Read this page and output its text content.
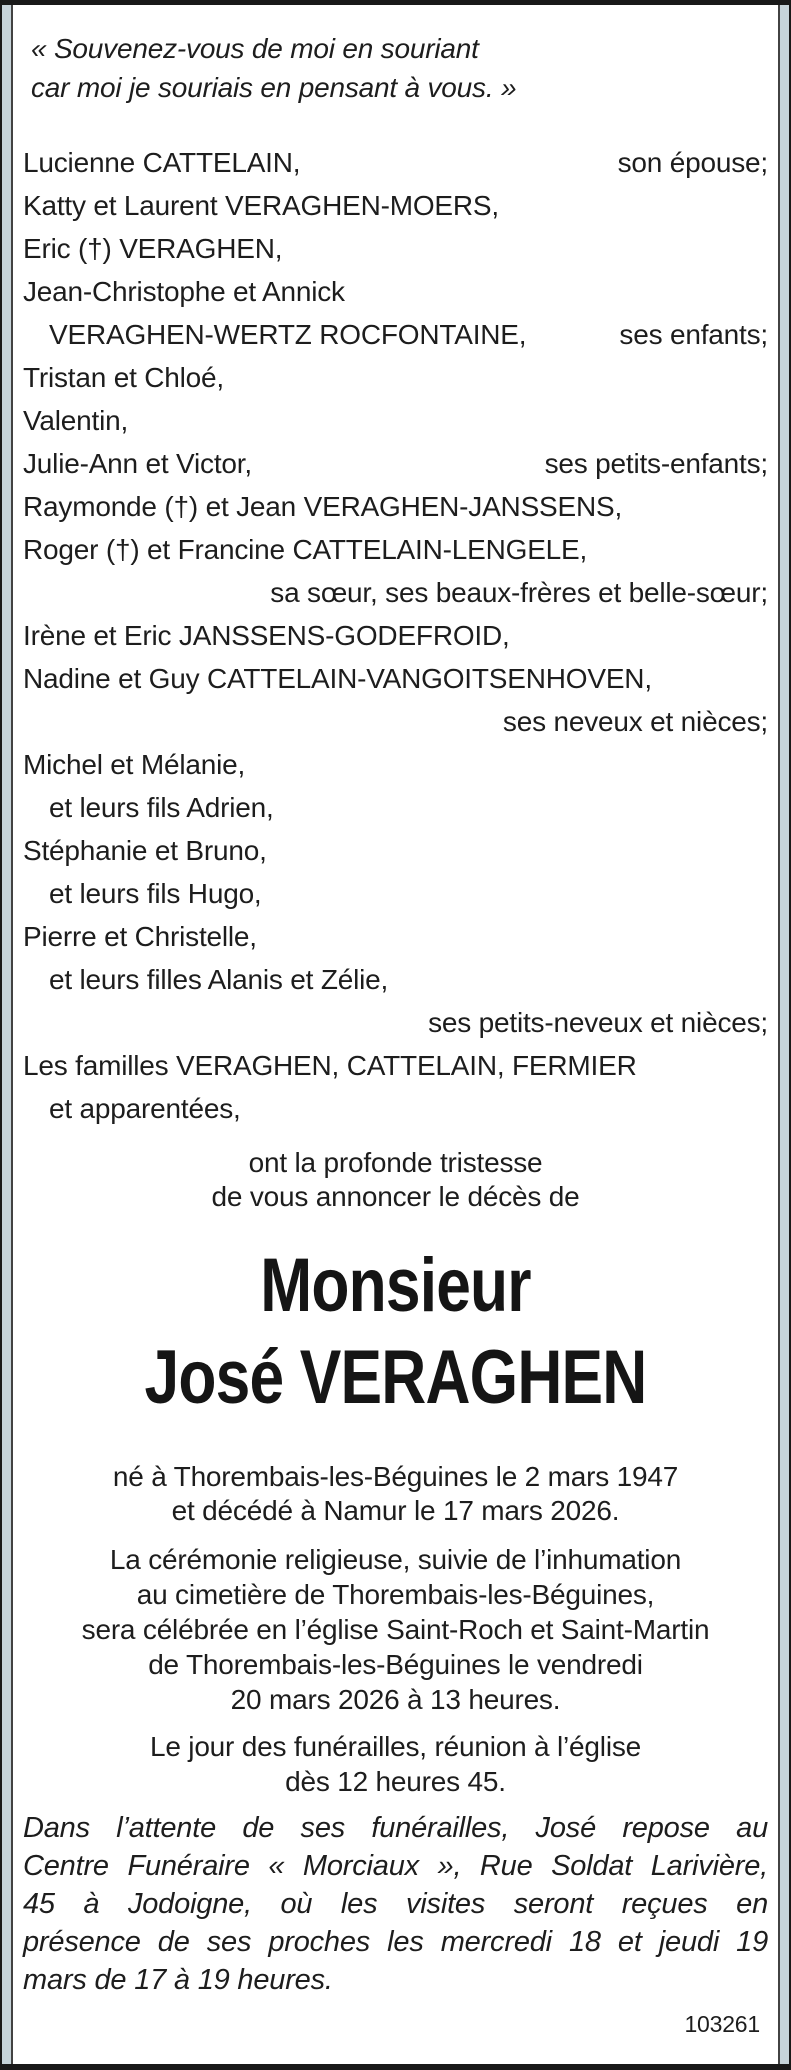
« Souvenez-vous de moi en souriant
car moi je souriais en pensant à vous. »
Lucienne CATTELAIN,	son épouse;
Katty et Laurent VERAGHEN-MOERS,
Eric (†) VERAGHEN,
Jean-Christophe et Annick
VERAGHEN-WERTZ ROCFONTAINE,	ses enfants;
Tristan et Chloé,
Valentin,
Julie-Ann et Victor,	ses petits-enfants;
Raymonde (†) et Jean VERAGHEN-JANSSENS,
Roger (†) et Francine CATTELAIN-LENGELE,
sa sœur, ses beaux-frères et belle-sœur;
Irène et Eric JANSSENS-GODEFROID,
Nadine et Guy CATTELAIN-VANGOITSENHOVEN,
ses neveux et nièces;
Michel et Mélanie,
et leurs fils Adrien,
Stéphanie et Bruno,
et leurs fils Hugo,
Pierre et Christelle,
et leurs filles Alanis et Zélie,
ses petits-neveux et nièces;
Les familles VERAGHEN, CATTELAIN, FERMIER
et apparentées,
ont la profonde tristesse
de vous annoncer le décès de
Monsieur
José VERAGHEN
né à Thorembais-les-Béguines le 2 mars 1947
et décédé à Namur le 17 mars 2026.
La cérémonie religieuse, suivie de l’inhumation
au cimetière de Thorembais-les-Béguines,
sera célébrée en l’église Saint-Roch et Saint-Martin
de Thorembais-les-Béguines le vendredi
20 mars 2026 à 13 heures.
Le jour des funérailles, réunion à l’église
dès 12 heures 45.
Dans l’attente de ses funérailles, José repose au
Centre Funéraire « Morciaux », Rue Soldat Larivière,
45 à Jodoigne, où les visites seront reçues en
présence de ses proches les mercredi 18 et jeudi 19
mars de 17 à 19 heures.
103261
